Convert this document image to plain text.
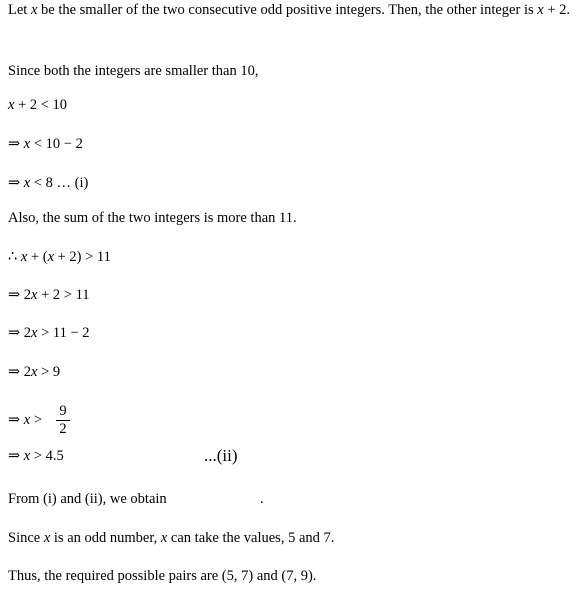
Let x be the smaller of the two consecutive odd positive integers. Then, the other integer is x + 2.
Since both the integers are smaller than 10,
x + 2 < 10
⇒ x < 10 − 2
⇒ x < 8 … (i)
Also, the sum of the two integers is more than 11.
∴ x + (x + 2) > 11
⇒ 2x + 2 > 11
⇒ 2x > 11 − 2
⇒ 2x > 9
⇒ $x > \frac{9}{2}$
⇒ x > 4.5	...(ii)
From (i) and (ii), we obtain	.
Since x is an odd number, x can take the values, 5 and 7.
Thus, the required possible pairs are (5, 7) and (7, 9).
